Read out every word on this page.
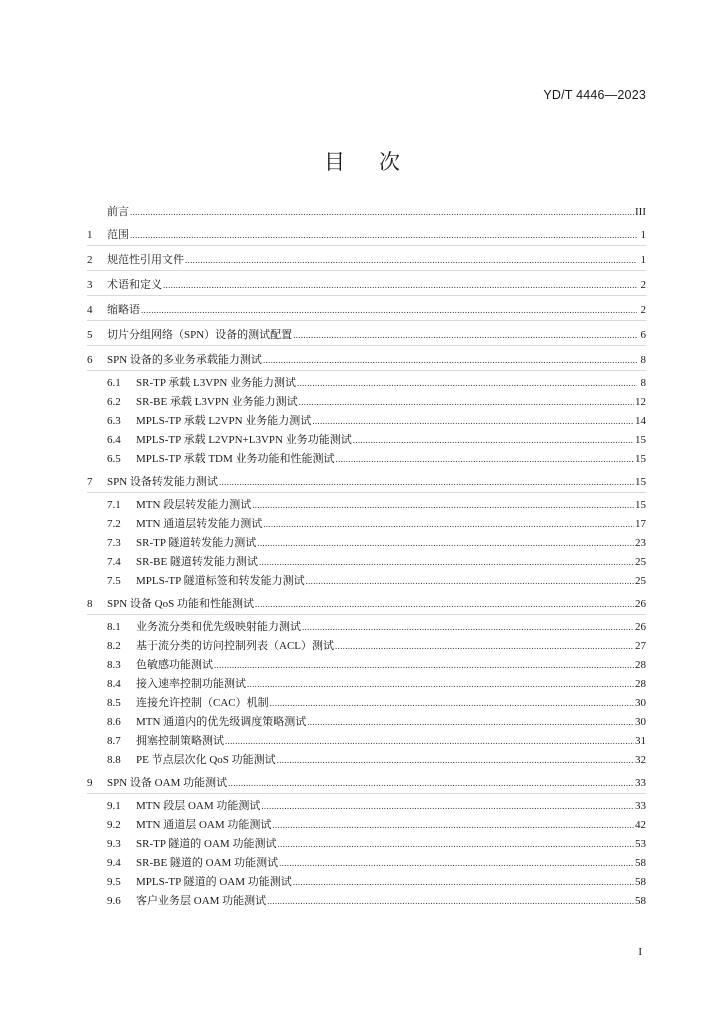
YD/T 4446—2023
目次
前言 .....	III
1	范围 .....	1
2	规范性引用文件 .....	1
3	术语和定义 .....	2
4	缩略语 .....	2
5	切片分组网络（SPN）设备的测试配置 .....	6
6	SPN 设备的多业务承载能力测试 .....	8
6.1	SR-TP 承载 L3VPN 业务能力测试 .....	8
6.2	SR-BE 承载 L3VPN 业务能力测试 .....	12
6.3	MPLS-TP 承载 L2VPN 业务能力测试 .....	14
6.4	MPLS-TP 承载 L2VPN+L3VPN 业务功能测试 .....	15
6.5	MPLS-TP 承载 TDM 业务功能和性能测试 .....	15
7	SPN 设备转发能力测试 .....	15
7.1	MTN 段层转发能力测试 .....	15
7.2	MTN 通道层转发能力测试 .....	17
7.3	SR-TP 隧道转发能力测试 .....	23
7.4	SR-BE 隧道转发能力测试 .....	25
7.5	MPLS-TP 隧道标签和转发能力测试 .....	25
8	SPN 设备 QoS 功能和性能测试 .....	26
8.1	业务流分类和优先级映射能力测试 .....	26
8.2	基于流分类的访问控制列表（ACL）测试 .....	27
8.3	色敏感功能测试 .....	28
8.4	接入速率控制功能测试 .....	28
8.5	连接允许控制（CAC）机制 .....	30
8.6	MTN 通道内的优先级调度策略测试 .....	30
8.7	拥塞控制策略测试 .....	31
8.8	PE 节点层次化 QoS 功能测试 .....	32
9	SPN 设备 OAM 功能测试 .....	33
9.1	MTN 段层 OAM 功能测试 .....	33
9.2	MTN 通道层 OAM 功能测试 .....	42
9.3	SR-TP 隧道的 OAM 功能测试 .....	53
9.4	SR-BE 隧道的 OAM 功能测试 .....	58
9.5	MPLS-TP 隧道的 OAM 功能测试 .....	58
9.6	客户业务层 OAM 功能测试 .....	58
I
